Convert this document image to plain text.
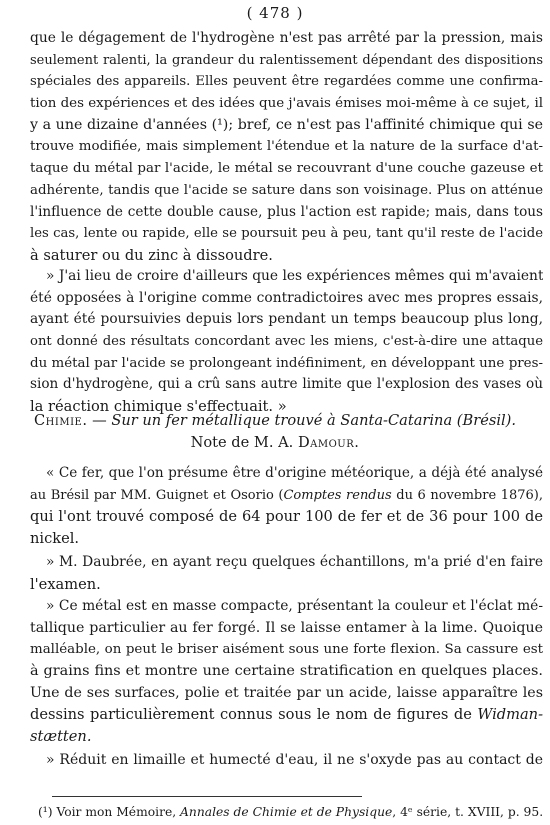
( 478 )
que le dégagement de l'hydrogène n'est pas arrêté par la pression, mais
seulement ralenti, la grandeur du ralentissement dépendant des dispositions
spéciales des appareils. Elles peuvent être regardées comme une confirma-
tion des expériences et des idées que j'avais émises moi-même à ce sujet, il
y a une dizaine d'années (¹); bref, ce n'est pas l'affinité chimique qui se
trouve modifiée, mais simplement l'étendue et la nature de la surface d'at-
taque du métal par l'acide, le métal se recouvrant d'une couche gazeuse et
adhérente, tandis que l'acide se sature dans son voisinage. Plus on atténue
l'influence de cette double cause, plus l'action est rapide; mais, dans tous
les cas, lente ou rapide, elle se poursuit peu à peu, tant qu'il reste de l'acide
à saturer ou du zinc à dissoudre.
» J'ai lieu de croire d'ailleurs que les expériences mêmes qui m'avaient
été opposées à l'origine comme contradictoires avec mes propres essais,
ayant été poursuivies depuis lors pendant un temps beaucoup plus long,
ont donné des résultats concordant avec les miens, c'est-à-dire une attaque
du métal par l'acide se prolongeant indéfiniment, en développant une pres-
sion d'hydrogène, qui a crû sans autre limite que l'explosion des vases où
la réaction chimique s'effectuait. »
Chimie. — Sur un fer métallique trouvé à Santa-Catarina (Brésil).
Note de M. A. Damour.
« Ce fer, que l'on présume être d'origine météorique, a déjà été analysé
au Brésil par MM. Guignet et Osorio (Comptes rendus du 6 novembre 1876),
qui l'ont trouvé composé de 64 pour 100 de fer et de 36 pour 100 de
nickel.
» M. Daubrée, en ayant reçu quelques échantillons, m'a prié d'en faire
l'examen.
» Ce métal est en masse compacte, présentant la couleur et l'éclat mé-
tallique particulier au fer forgé. Il se laisse entamer à la lime. Quoique
malléable, on peut le briser aisément sous une forte flexion. Sa cassure est
à grains fins et montre une certaine stratification en quelques places.
Une de ses surfaces, polie et traitée par un acide, laisse apparaître les
dessins particulièrement connus sous le nom de figures de Widman-
stætten.
» Réduit en limaille et humecté d'eau, il ne s'oxyde pas au contact de
(¹) Voir mon Mémoire, Annales de Chimie et de Physique, 4ᵉ série, t. XVIII, p. 95.
